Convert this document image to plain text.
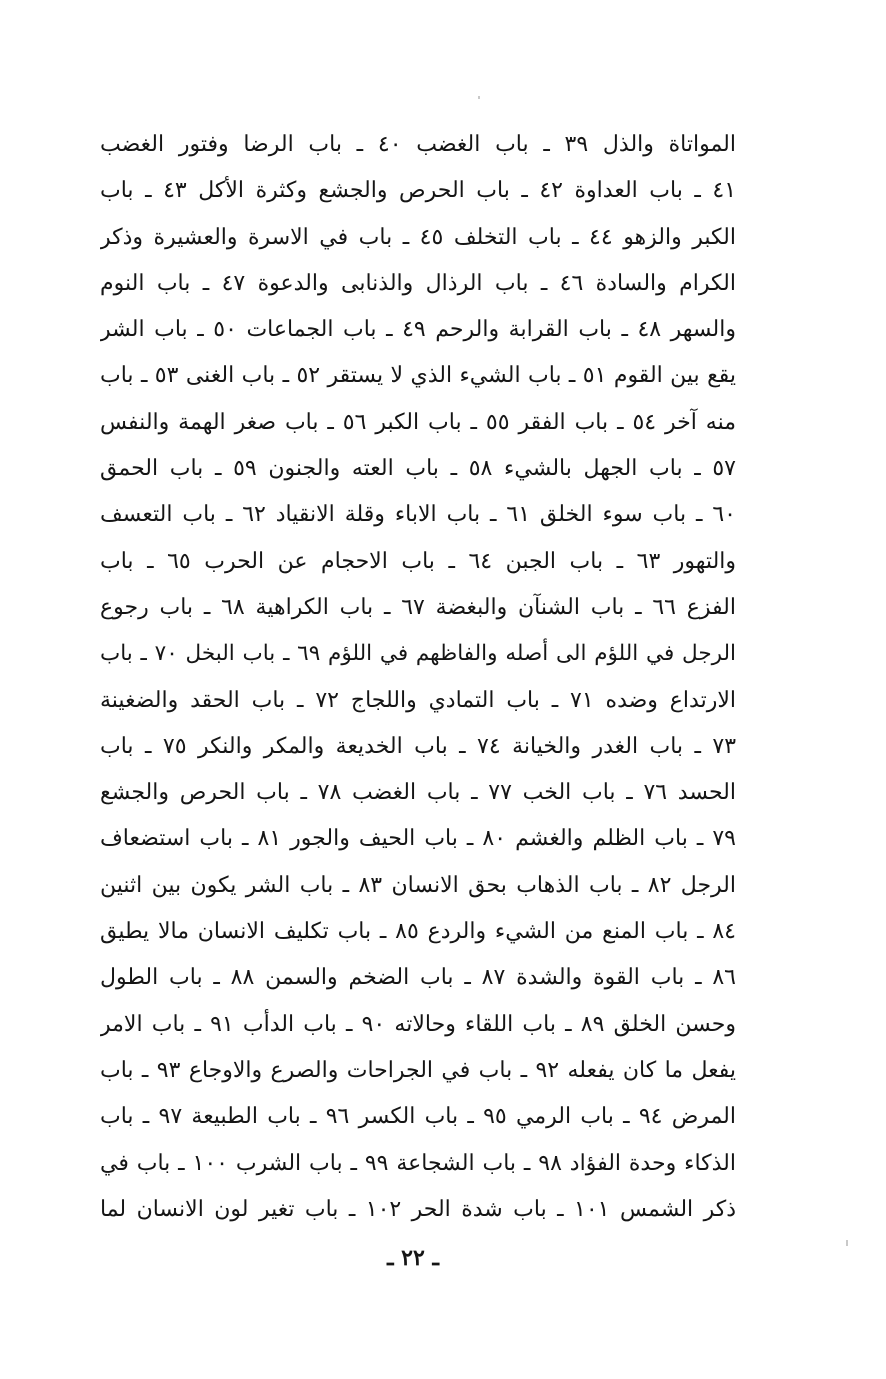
المواتاة والذل ٣٩ ـ باب الغضب ٤٠ ـ باب الرضا وفتور الغضب
٤١ ـ باب العداوة ٤٢ ـ باب الحرص والجشع وكثرة الأكل ٤٣ ـ باب
الكبر والزهو ٤٤ ـ باب التخلف ٤٥ ـ باب في الاسرة والعشيرة وذكر
الكرام والسادة ٤٦ ـ باب الرذال والذنابى والدعوة ٤٧ ـ باب النوم
والسهر ٤٨ ـ باب القرابة والرحم ٤٩ ـ باب الجماعات ٥٠ ـ باب الشر
يقع بين القوم ٥١ ـ باب الشيء الذي لا يستقر ٥٢ ـ باب الغنى ٥٣ ـ باب
منه آخر ٥٤ ـ باب الفقر ٥٥ ـ باب الكبر ٥٦ ـ باب صغر الهمة والنفس
٥٧ ـ باب الجهل بالشيء ٥٨ ـ باب العته والجنون ٥٩ ـ باب الحمق
٦٠ ـ باب سوء الخلق ٦١ ـ باب الاباء وقلة الانقياد ٦٢ ـ باب التعسف
والتهور ٦٣ ـ باب الجبن ٦٤ ـ باب الاحجام عن الحرب ٦٥ ـ باب
الفزع ٦٦ ـ باب الشنآن والبغضة ٦٧ ـ باب الكراهية ٦٨ ـ باب رجوع
الرجل في اللؤم الى أصله والفاظهم في اللؤم ٦٩ ـ باب البخل ٧٠ ـ باب
الارتداع وضده ٧١ ـ باب التمادي واللجاج ٧٢ ـ باب الحقد والضغينة
٧٣ ـ باب الغدر والخيانة ٧٤ ـ باب الخديعة والمكر والنكر ٧٥ ـ باب
الحسد ٧٦ ـ باب الخب ٧٧ ـ باب الغضب ٧٨ ـ باب الحرص والجشع
٧٩ ـ باب الظلم والغشم ٨٠ ـ باب الحيف والجور ٨١ ـ باب استضعاف
الرجل ٨٢ ـ باب الذهاب بحق الانسان ٨٣ ـ باب الشر يكون بين اثنين
٨٤ ـ باب المنع من الشيء والردع ٨٥ ـ باب تكليف الانسان مالا يطيق
٨٦ ـ باب القوة والشدة ٨٧ ـ باب الضخم والسمن ٨٨ ـ باب الطول
وحسن الخلق ٨٩ ـ باب اللقاء وحالاته ٩٠ ـ باب الدأب ٩١ ـ باب الامر
يفعل ما كان يفعله ٩٢ ـ باب في الجراحات والصرع والاوجاع ٩٣ ـ باب
المرض ٩٤ ـ باب الرمي ٩٥ ـ باب الكسر ٩٦ ـ باب الطبيعة ٩٧ ـ باب
الذكاء وحدة الفؤاد ٩٨ ـ باب الشجاعة ٩٩ ـ باب الشرب ١٠٠ ـ باب في
ذكر الشمس ١٠١ ـ باب شدة الحر ١٠٢ ـ باب تغير لون الانسان لما
ـ ٢٢ ـ
